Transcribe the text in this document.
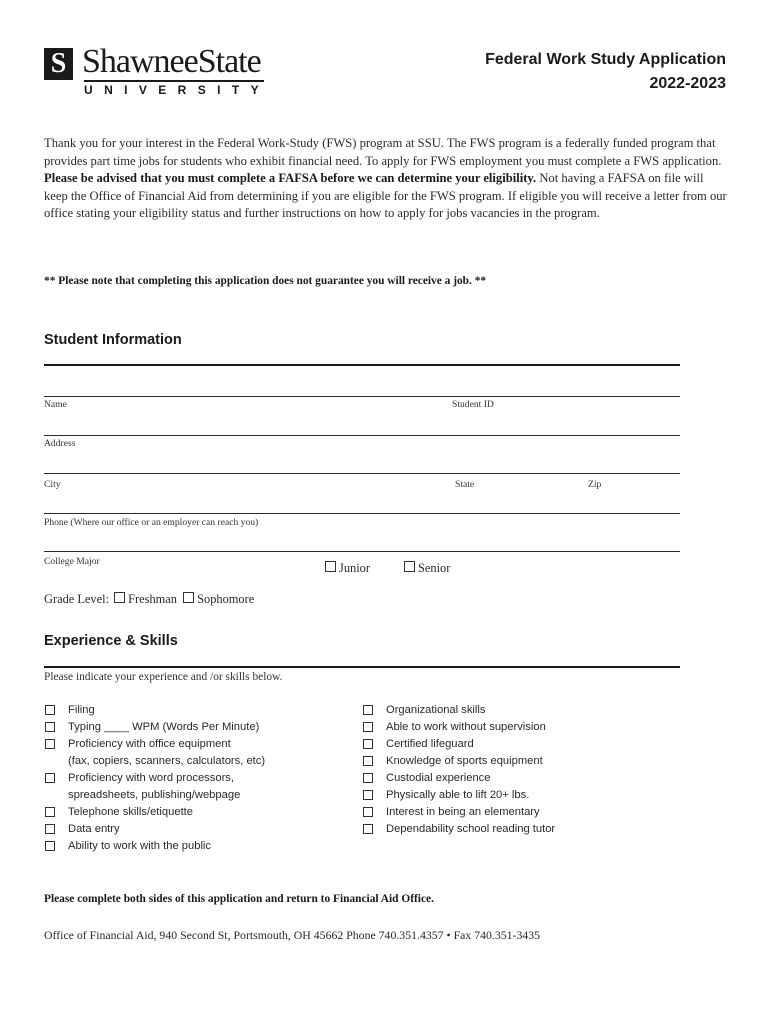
S ShawneeState
UNIVERSITY
Federal Work Study Application
2022-2023
Thank you for your interest in the Federal Work-Study (FWS) program at SSU. The FWS program is a federally funded program that provides part time jobs for students who exhibit financial need. To apply for FWS employment you must complete a FWS application. Please be advised that you must complete a FAFSA before we can determine your eligibility. Not having a FAFSA on file will keep the Office of Financial Aid from determining if you are eligible for the FWS program. If eligible you will receive a letter from our office stating your eligibility status and further instructions on how to apply for jobs vacancies in the program.
** Please note that completing this application does not guarantee you will receive a job. **
Student Information
Name	Student ID
Address
City	State	Zip
Phone (Where our office or an employer can reach you)
College Major	Junior	Senior
Grade Level: Freshman Sophomore
Experience & Skills
Please indicate your experience and /or skills below.
Filing
Typing ____ WPM (Words Per Minute)
Proficiency with office equipment
(fax, copiers, scanners, calculators, etc)
Proficiency with word processors,
spreadsheets, publishing/webpage
Telephone skills/etiquette
Data entry
Ability to work with the public
Organizational skills
Able to work without supervision
Certified lifeguard
Knowledge of sports equipment
Custodial experience
Physically able to lift 20+ lbs.
Interest in being an elementary
Dependability school reading tutor
Please complete both sides of this application and return to Financial Aid Office.
Office of Financial Aid, 940 Second St, Portsmouth, OH 45662 Phone 740.351.4357 • Fax 740.351-3435
